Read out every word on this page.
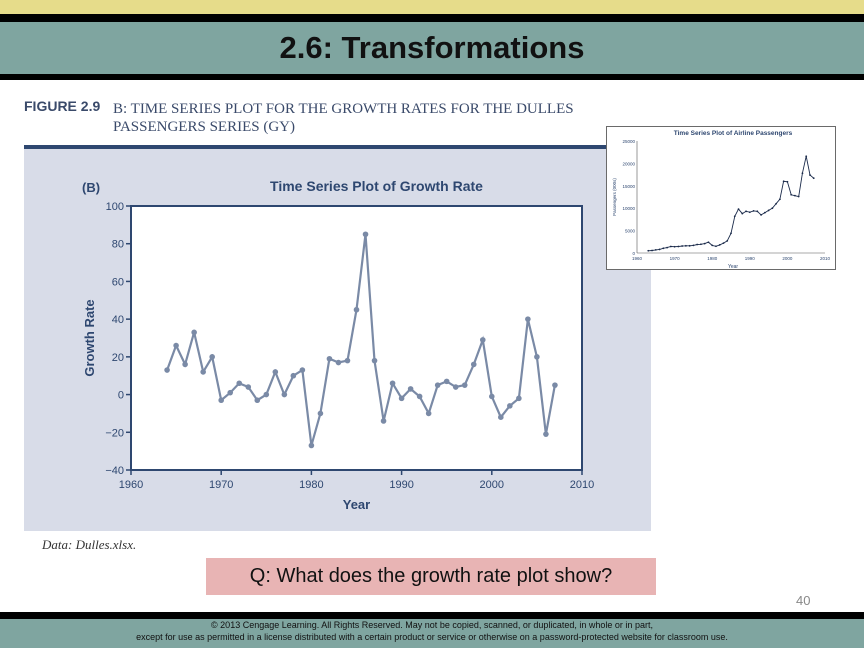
2.6: Transformations
FIGURE 2.9 B: TIME SERIES PLOT FOR THE GROWTH RATES FOR THE DULLES PASSENGERS SERIES (GY)
(B)	Time Series Plot of Growth Rate
Year
Growth Rate
100
80
60
40
20
0
−20
−40
1960	1970	1980	1990	2000	2010
Data: Dulles.xlsx.
Time Series Plot of Airline Passengers
Year
Passengers (000s)
25000
20000
15000
10000
5000
0
1960	1970	1980	1990	2000	2010
Q: What does the growth rate plot show?
40
© 2013 Cengage Learning. All Rights Reserved. May not be copied, scanned, or duplicated, in whole or in part,
except for use as permitted in a license distributed with a certain product or service or otherwise on a password-protected website for classroom use.
